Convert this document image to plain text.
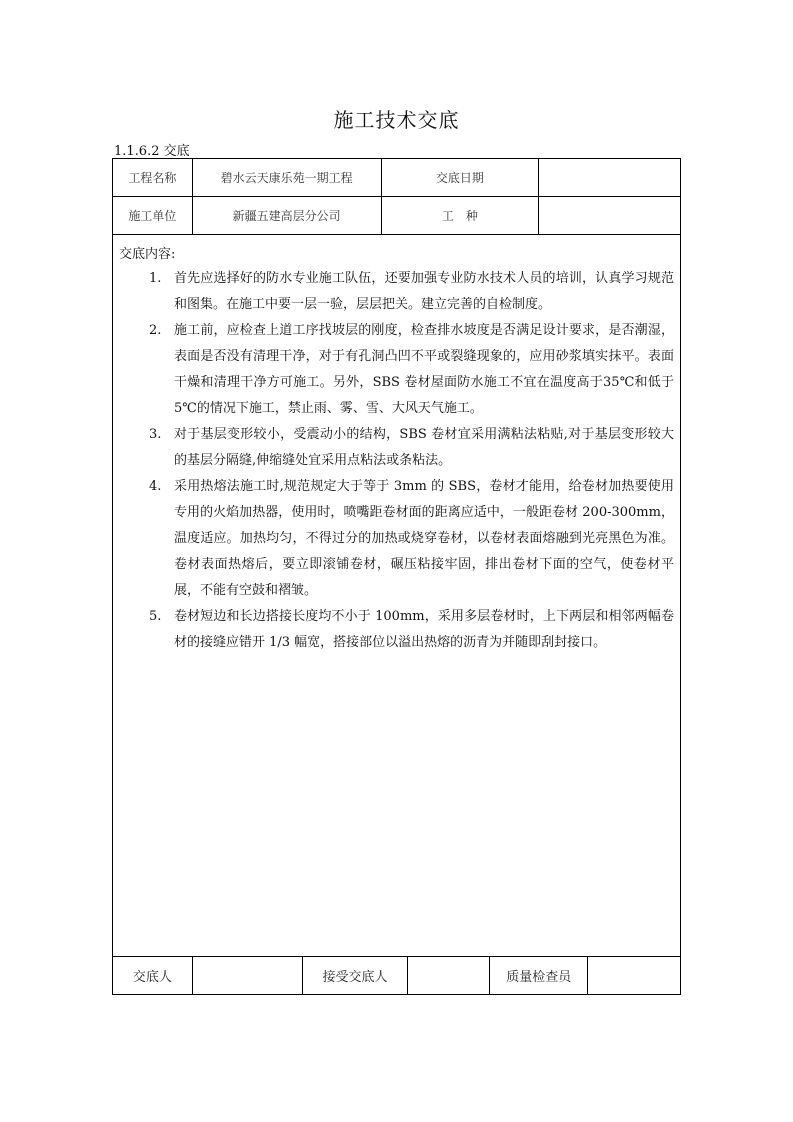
施工技术交底
1.1.6.2 交底
工程名称	碧水云天康乐苑一期工程	交底日期	
施工单位	新疆五建高层分公司	工　种	
交底内容:
1. 首先应选择好的防水专业施工队伍，还要加强专业防水技术人员的培训，认真学习规范和图集。在施工中要一层一验，层层把关。建立完善的自检制度。
2. 施工前，应检查上道工序找坡层的刚度，检查排水坡度是否满足设计要求，是否潮湿，表面是否没有清理干净，对于有孔洞凸凹不平或裂缝现象的，应用砂浆填实抹平。表面干燥和清理干净方可施工。另外，SBS 卷材屋面防水施工不宜在温度高于35℃和低于 5℃的情况下施工，禁止雨、雾、雪、大风天气施工。
3. 对于基层变形较小，受震动小的结构，SBS 卷材宜采用满粘法粘贴,对于基层变形较大的基层分隔缝,伸缩缝处宜采用点粘法或条粘法。
4. 采用热熔法施工时,规范规定大于等于 3mm 的 SBS，卷材才能用，给卷材加热要使用专用的火焰加热器，使用时，喷嘴距卷材面的距离应适中，一般距卷材 200-300mm，温度适应。加热均匀，不得过分的加热或烧穿卷材，以卷材表面熔融到光亮黑色为准。卷材表面热熔后，要立即滚铺卷材，碾压粘接牢固，排出卷材下面的空气，使卷材平展，不能有空鼓和褶皱。
5. 卷材短边和长边搭接长度均不小于 100mm，采用多层卷材时，上下两层和相邻两幅卷材的接缝应错开 1/3 幅宽，搭接部位以溢出热熔的沥青为并随即刮封接口。
交底人		接受交底人		质量检查员	
